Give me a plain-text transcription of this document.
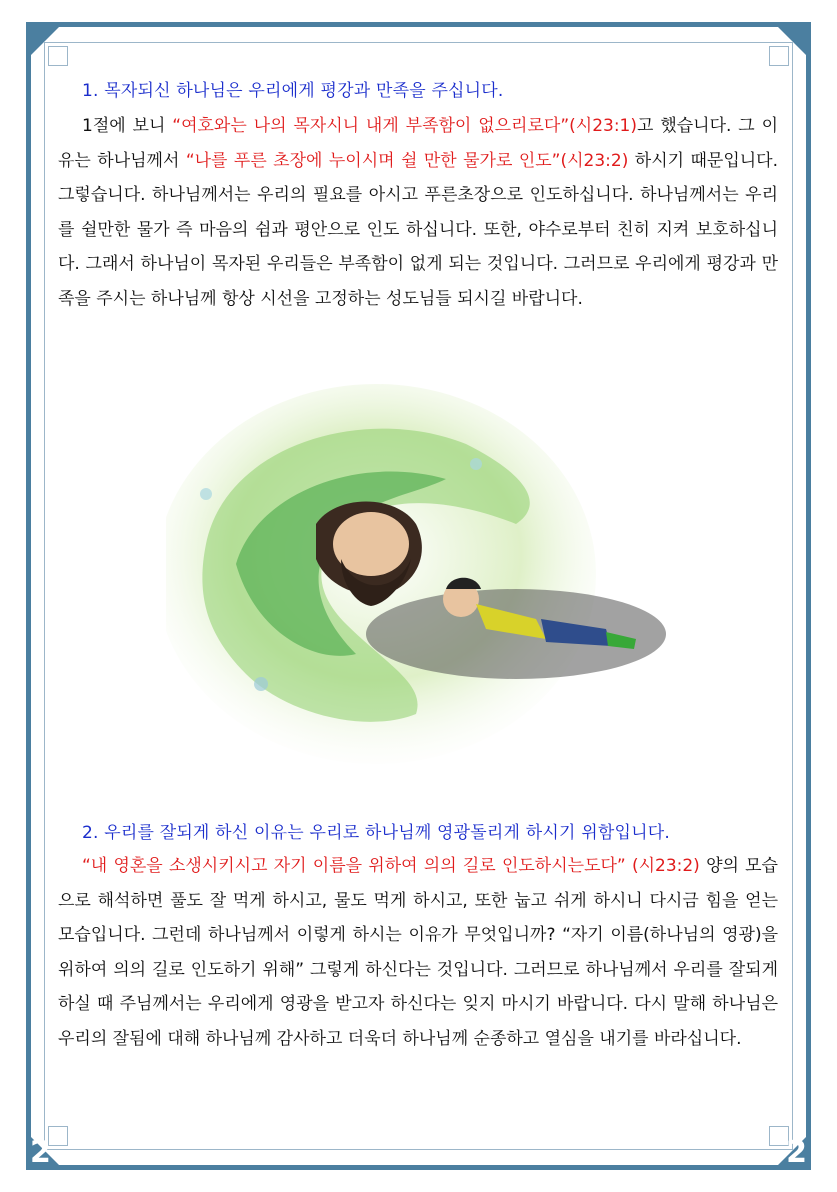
2	2

1. 목자되신 하나님은 우리에게 평강과 만족을 주십니다.

1절에 보니 “여호와는 나의 목자시니 내게 부족함이 없으리로다”(시23:1)고 했습니다. 그 이유는 하나님께서 “나를 푸른 초장에 누이시며 쉴 만한 물가로 인도”(시23:2) 하시기 때문입니다. 그렇습니다. 하나님께서는 우리의 필요를 아시고 푸른초장으로 인도하십니다. 하나님께서는 우리를 쉴만한 물가 즉 마음의 쉼과 평안으로 인도 하십니다. 또한, 야수로부터 친히 지켜 보호하십니다. 그래서 하나님이 목자된 우리들은 부족함이 없게 되는 것입니다. 그러므로 우리에게 평강과 만족을 주시는 하나님께 항상 시선을 고정하는 성도님들 되시길 바랍니다.

2. 우리를 잘되게 하신 이유는 우리로 하나님께 영광돌리게 하시기 위함입니다.

“내 영혼을 소생시키시고 자기 이름을 위하여 의의 길로 인도하시는도다” (시23:2) 양의 모습으로 해석하면 풀도 잘 먹게 하시고, 물도 먹게 하시고, 또한 눕고 쉬게 하시니 다시금 힘을 얻는 모습입니다. 그런데 하나님께서 이렇게 하시는 이유가 무엇입니까? “자기 이름(하나님의 영광)을 위하여 의의 길로 인도하기 위해” 그렇게 하신다는 것입니다. 그러므로 하나님께서 우리를 잘되게 하실 때 주님께서는 우리에게 영광을 받고자 하신다는 잊지 마시기 바랍니다. 다시 말해 하나님은 우리의 잘됨에 대해 하나님께 감사하고 더욱더 하나님께 순종하고 열심을 내기를 바라십니다.
